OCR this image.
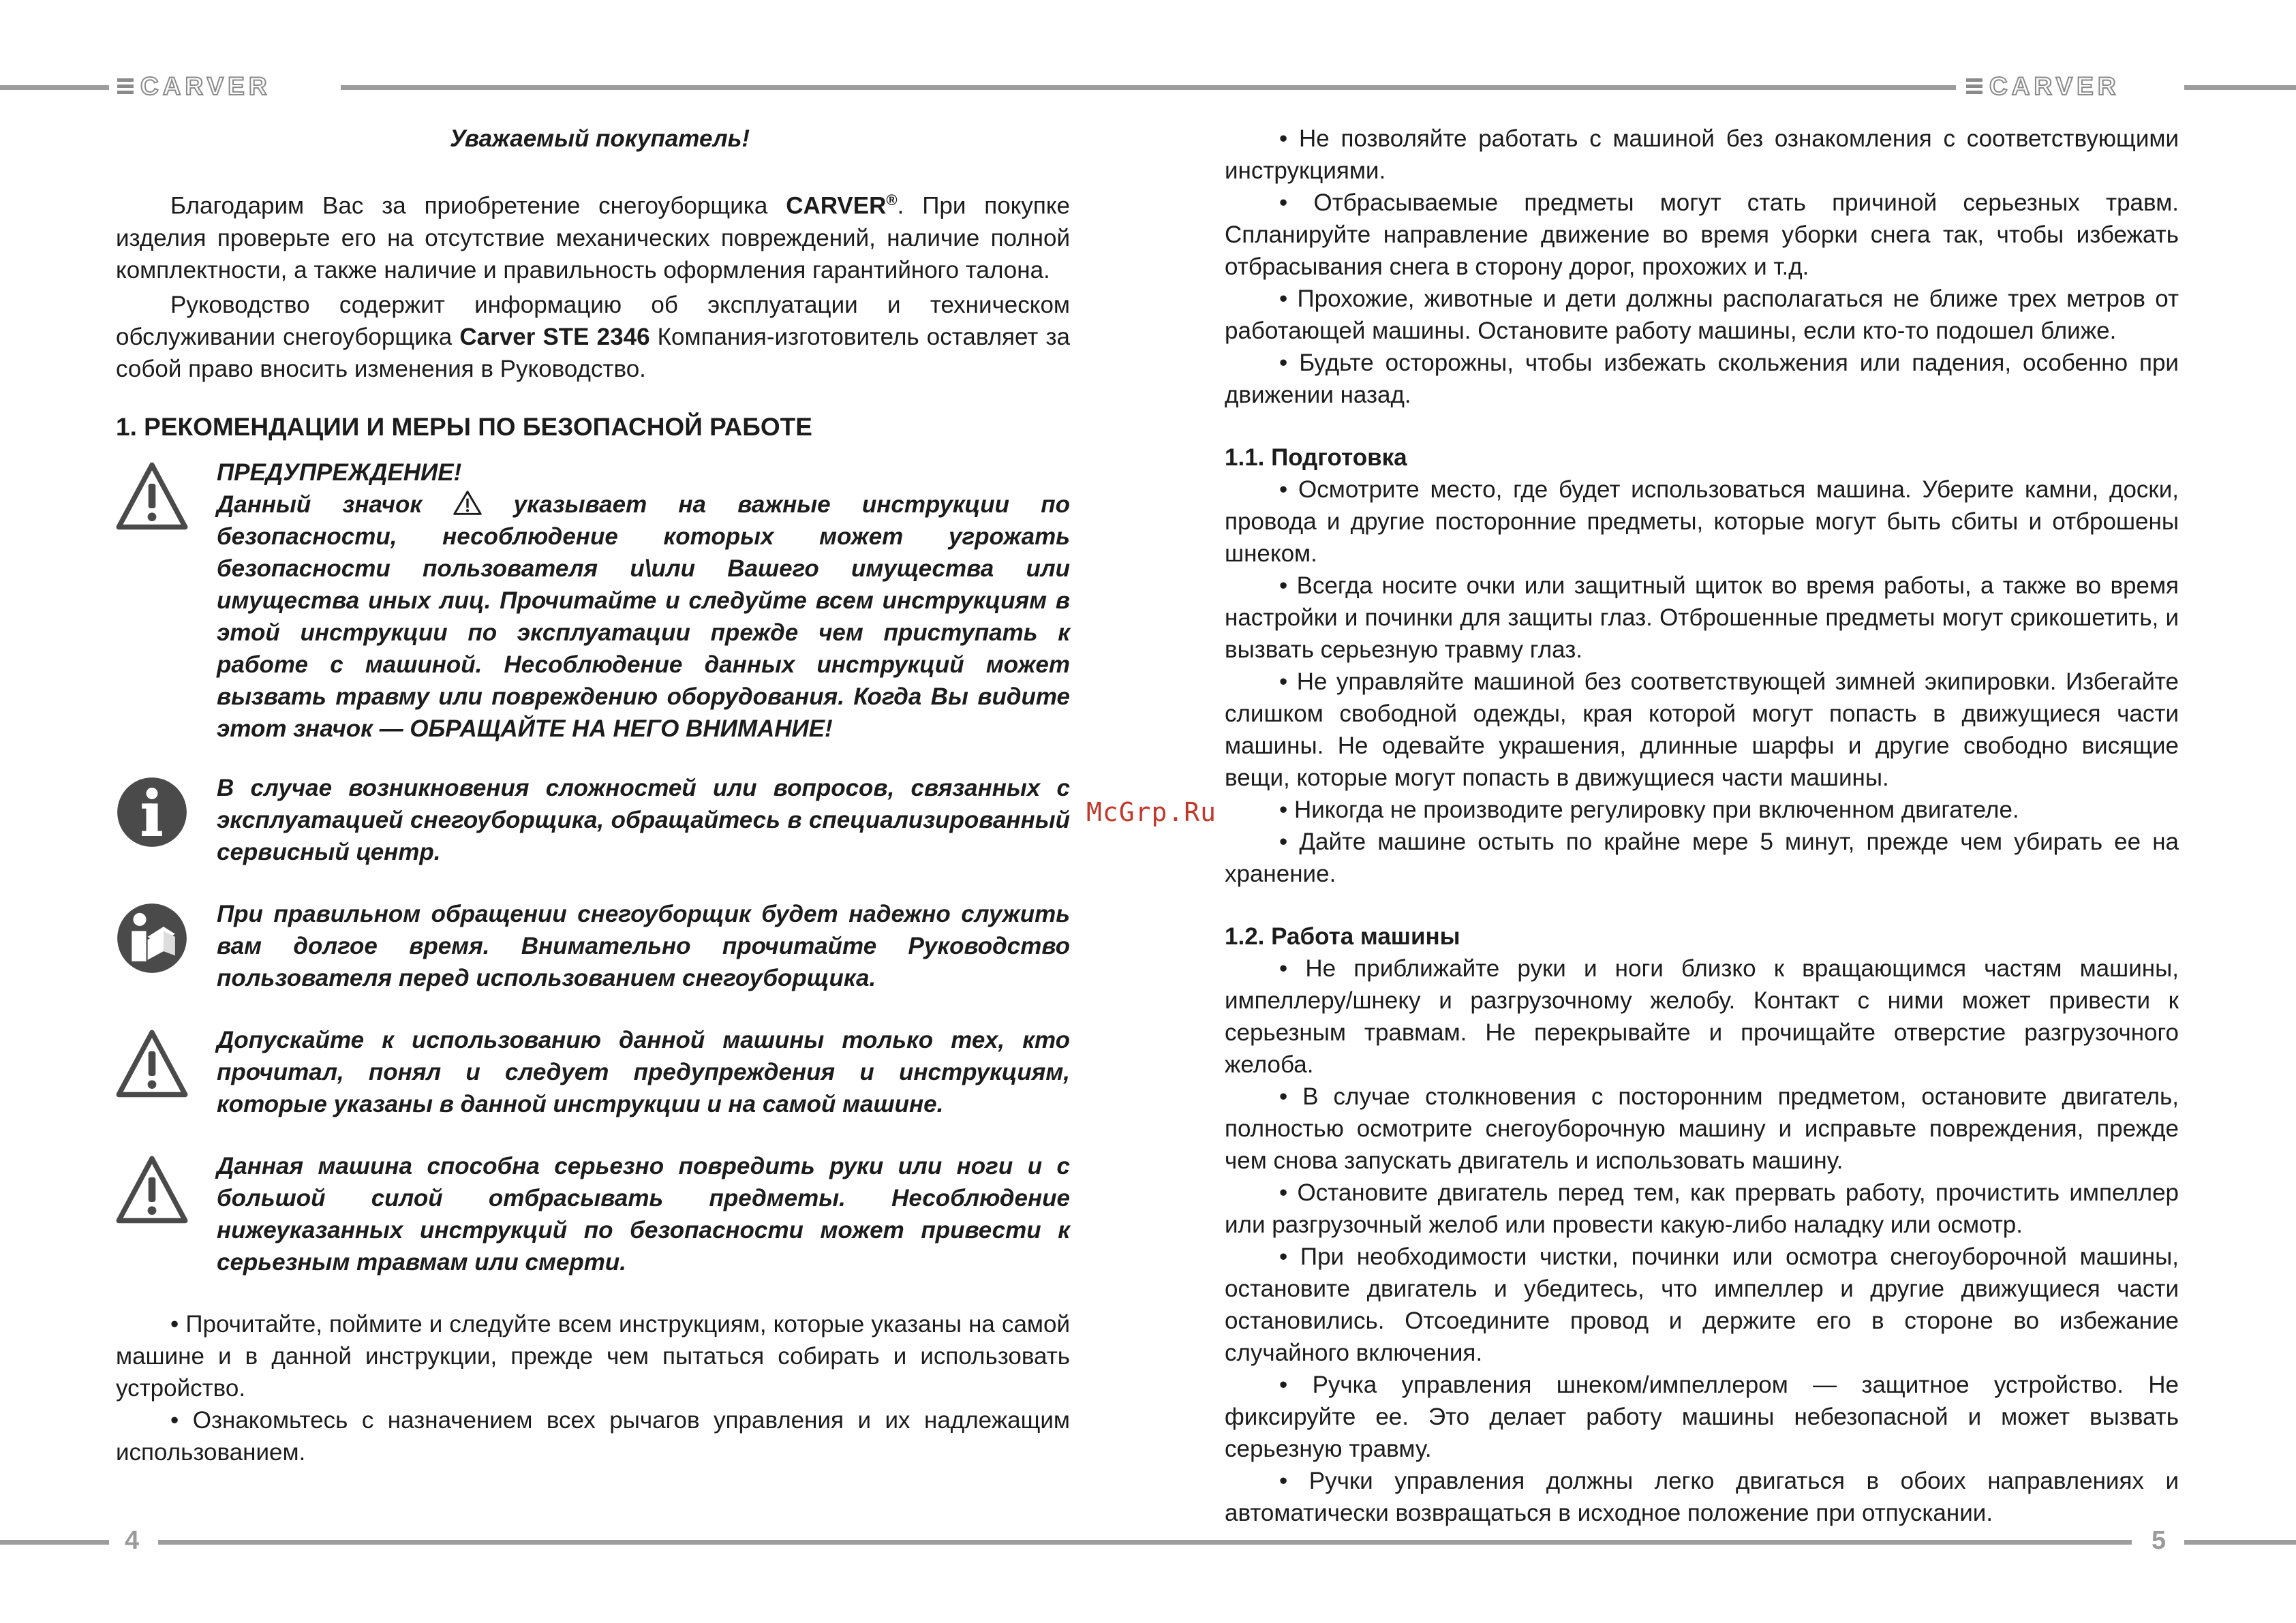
CARVER	CARVER
4	5
McGrp.Ru

Уважаемый покупатель!

Благодарим Вас за приобретение снегоуборщика CARVER®. При покупке изделия проверьте его на отсутствие механических повреждений, наличие полной комплектности, а также наличие и правильность оформления гарантийного талона.

Руководство содержит информацию об эксплуатации и техническом обслуживании снегоуборщика Carver STE 2346 Компания-изготовитель оставляет за собой право вносить изменения в Руководство.

1. РЕКОМЕНДАЦИИ И МЕРЫ ПО БЕЗОПАСНОЙ РАБОТЕ

ПРЕДУПРЕЖДЕНИЕ!

Данный значок  указывает на важные инструкции по безопасности, несоблюдение которых может угрожать безопасности пользователя и\или Вашего имущества или имущества иных лиц. Прочитайте и следуйте всем инструкциям в этой инструкции по эксплуатации прежде чем приступать к работе с машиной. Несоблюдение данных инструкций может вызвать травму или повреждению оборудования. Когда Вы видите этот значок — ОБРАЩАЙТЕ НА НЕГО ВНИМАНИЕ!

В случае возникновения сложностей или вопросов, связанных с эксплуатацией снегоуборщика, обращайтесь в специализированный сервисный центр.

При правильном обращении снегоуборщик будет надежно служить вам долгое время. Внимательно прочитайте Руководство пользователя перед использованием снегоуборщика.

Допускайте к использованию данной машины только тех, кто прочитал, понял и следует предупреждения и инструкциям, которые указаны в данной инструкции и на самой машине.

Данная машина способна серьезно повредить руки или ноги и с большой силой отбрасывать предметы. Несоблюдение нижеуказанных инструкций по безопасности может привести к серьезным травмам или смерти.

• Прочитайте, поймите и следуйте всем инструкциям, которые указаны на самой машине и в данной инструкции, прежде чем пытаться собирать и использовать устройство.

• Ознакомьтесь с назначением всех рычагов управления и их надлежащим использованием.

• Не позволяйте работать с машиной без ознакомления с соответствующими инструкциями.

• Отбрасываемые предметы могут стать причиной серьезных травм. Спланируйте направление движение во время уборки снега так, чтобы избежать отбрасывания снега в сторону дорог, прохожих и т.д.

• Прохожие, животные и дети должны располагаться не ближе трех метров от работающей машины. Остановите работу машины, если кто-то подошел ближе.

• Будьте осторожны, чтобы избежать скольжения или падения, особенно при движении назад.

1.1. Подготовка

• Осмотрите место, где будет использоваться машина. Уберите камни, доски, провода и другие посторонние предметы, которые могут быть сбиты и отброшены шнеком.

• Всегда носите очки или защитный щиток во время работы, а также во время настройки и починки для защиты глаз. Отброшенные предметы могут срикошетить, и вызвать серьезную травму глаз.

• Не управляйте машиной без соответствующей зимней экипировки. Избегайте слишком свободной одежды, края которой могут попасть в движущиеся части машины. Не одевайте украшения, длинные шарфы и другие свободно висящие вещи, которые могут попасть в движущиеся части машины.

• Никогда не производите регулировку при включенном двигателе.

• Дайте машине остыть по крайне мере 5 минут, прежде чем убирать ее на хранение.

1.2. Работа машины

• Не приближайте руки и ноги близко к вращающимся частям машины, импеллеру/шнеку и разгрузочному желобу. Контакт с ними может привести к серьезным травмам. Не перекрывайте и прочищайте отверстие разгрузочного желоба.

• В случае столкновения с посторонним предметом, остановите двигатель, полностью осмотрите снегоуборочную машину и исправьте повреждения, прежде чем снова запускать двигатель и использовать машину.

• Остановите двигатель перед тем, как прервать работу, прочистить импеллер или разгрузочный желоб или провести какую-либо наладку или осмотр.

• При необходимости чистки, починки или осмотра снегоуборочной машины, остановите двигатель и убедитесь, что импеллер и другие движущиеся части остановились. Отсоедините провод и держите его в стороне во избежание случайного включения.

• Ручка управления шнеком/импеллером — защитное устройство. Не фиксируйте ее. Это делает работу машины небезопасной и может вызвать серьезную травму.

• Ручки управления должны легко двигаться в обоих направлениях и автоматически возвращаться в исходное положение при отпускании.
